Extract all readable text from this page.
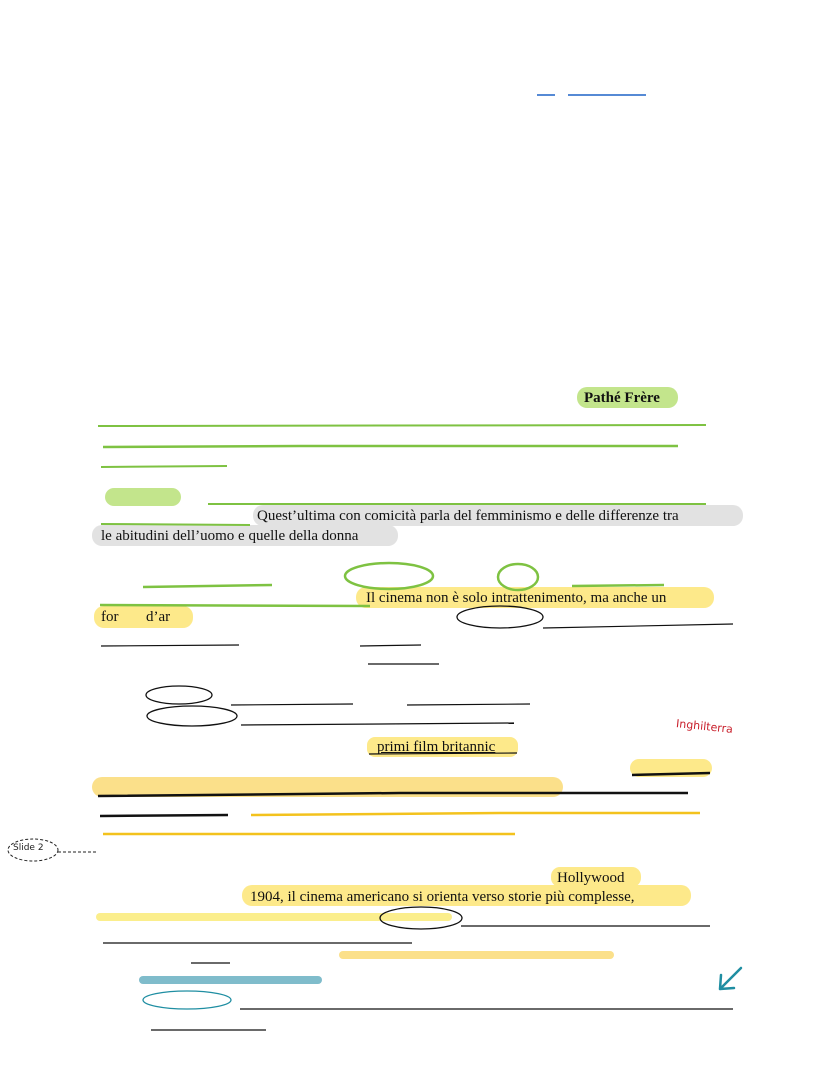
Pathé Frère
Quest’ultima con comicità parla del femminismo e delle differenze tra
le abitudini dell’uomo e quelle della donna
Il cinema non è solo intrattenimento, ma anche un
for d’ar
primi film britannic
Hollywood
1904, il cinema americano si orienta verso storie più complesse,
Inghilterra
Slide 2
